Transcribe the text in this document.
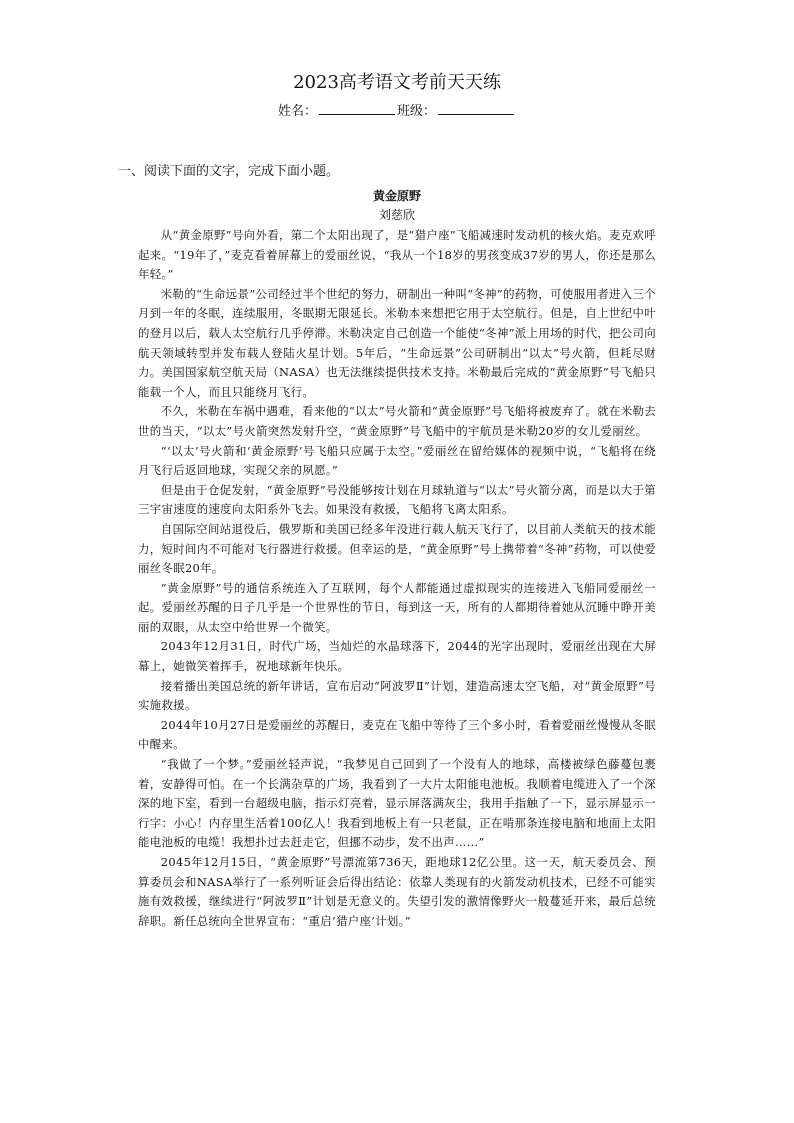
2023高考语文考前天天练
姓名：	班级：
一、阅读下面的文字，完成下面小题。
黄金原野
刘慈欣

从“黄金原野”号向外看，第二个太阳出现了，是“猎户座”飞船减速时发动机的核火焰。麦克欢呼起来。“19年了，”麦克看着屏幕上的爱丽丝说，“我从一个18岁的男孩变成37岁的男人，你还是那么年轻。”

米勒的“生命远景”公司经过半个世纪的努力，研制出一种叫“冬神”的药物，可使服用者进入三个月到一年的冬眠，连续服用，冬眠期无限延长。米勒本来想把它用于太空航行。但是，自上世纪中叶的登月以后，载人太空航行几乎停滞。米勒决定自己创造一个能使“冬神”派上用场的时代，把公司向航天领域转型并发布载人登陆火星计划。5年后，“生命远景”公司研制出“以太”号火箭，但耗尽财力。美国国家航空航天局（NASA）也无法继续提供技术支持。米勒最后完成的“黄金原野”号飞船只能载一个人，而且只能绕月飞行。

不久，米勒在车祸中遇难，看来他的“以太”号火箭和“黄金原野”号飞船将被废弃了。就在米勒去世的当天，“以太”号火箭突然发射升空，“黄金原野”号飞船中的宇航员是米勒20岁的女儿爱丽丝。

“‘以太’号火箭和‘黄金原野’号飞船只应属于太空。”爱丽丝在留给媒体的视频中说，“飞船将在绕月飞行后返回地球，实现父亲的夙愿。”

但是由于仓促发射，“黄金原野”号没能够按计划在月球轨道与“以太”号火箭分离，而是以大于第三宇宙速度的速度向太阳系外飞去。如果没有救援，飞船将飞离太阳系。

自国际空间站退役后，俄罗斯和美国已经多年没进行载人航天飞行了，以目前人类航天的技术能力，短时间内不可能对飞行器进行救援。但幸运的是，“黄金原野”号上携带着“冬神”药物，可以使爱丽丝冬眠20年。

“黄金原野”号的通信系统连入了互联网，每个人都能通过虚拟现实的连接进入飞船同爱丽丝一起。爱丽丝苏醒的日子几乎是一个世界性的节日，每到这一天，所有的人都期待着她从沉睡中睁开美丽的双眼，从太空中给世界一个微笑。

2043年12月31日，时代广场，当灿烂的水晶球落下，2044的光字出现时，爱丽丝出现在大屏幕上，她微笑着挥手，祝地球新年快乐。

接着播出美国总统的新年讲话，宣布启动“阿波罗Ⅱ”计划，建造高速太空飞船，对“黄金原野”号实施救援。

2044年10月27日是爱丽丝的苏醒日，麦克在飞船中等待了三个多小时，看着爱丽丝慢慢从冬眠中醒来。

“我做了一个梦。”爱丽丝轻声说，“我梦见自己回到了一个没有人的地球，高楼被绿色藤蔓包裹着，安静得可怕。在一个长满杂草的广场，我看到了一大片太阳能电池板。我顺着电缆进入了一个深深的地下室，看到一台超级电脑，指示灯亮着，显示屏落满灰尘，我用手指触了一下，显示屏显示一行字：小心！内存里生活着100亿人！我看到地板上有一只老鼠，正在啃那条连接电脑和地面上太阳能电池板的电缆！我想扑过去赶走它，但挪不动步，发不出声……”

2045年12月15日，“黄金原野”号漂流第736天，距地球12亿公里。这一天，航天委员会、预算委员会和NASA举行了一系列听证会后得出结论：依靠人类现有的火箭发动机技术，已经不可能实施有效救援，继续进行“阿波罗Ⅱ”计划是无意义的。失望引发的激情像野火一般蔓延开来，最后总统辞职。新任总统向全世界宣布：“重启‘猎户座’计划。”
